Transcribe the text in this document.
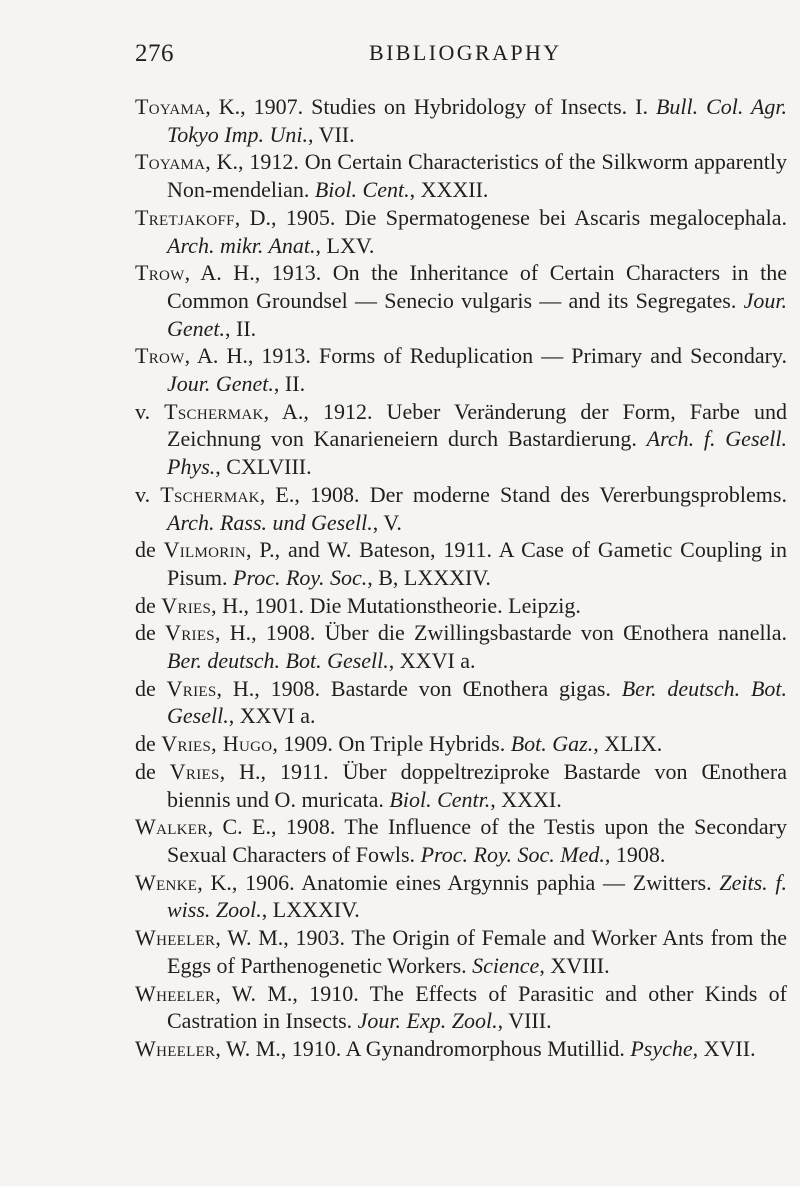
276	BIBLIOGRAPHY

Toyama, K., 1907. Studies on Hybridology of Insects. I. Bull. Col. Agr. Tokyo Imp. Uni., VII.

Toyama, K., 1912. On Certain Characteristics of the Silkworm apparently Non-mendelian. Biol. Cent., XXXII.

Tretjakoff, D., 1905. Die Spermatogenese bei Ascaris megalocephala. Arch. mikr. Anat., LXV.

Trow, A. H., 1913. On the Inheritance of Certain Characters in the Common Groundsel — Senecio vulgaris — and its Segregates. Jour. Genet., II.

Trow, A. H., 1913. Forms of Reduplication — Primary and Secondary. Jour. Genet., II.

v. Tschermak, A., 1912. Ueber Veränderung der Form, Farbe und Zeichnung von Kanarieneiern durch Bastardierung. Arch. f. Gesell. Phys., CXLVIII.

v. Tschermak, E., 1908. Der moderne Stand des Vererbungsproblems. Arch. Rass. und Gesell., V.

de Vilmorin, P., and W. Bateson, 1911. A Case of Gametic Coupling in Pisum. Proc. Roy. Soc., B, LXXXIV.

de Vries, H., 1901. Die Mutationstheorie. Leipzig.

de Vries, H., 1908. Über die Zwillingsbastarde von Œnothera nanella. Ber. deutsch. Bot. Gesell., XXVI a.

de Vries, H., 1908. Bastarde von Œnothera gigas. Ber. deutsch. Bot. Gesell., XXVI a.

de Vries, Hugo, 1909. On Triple Hybrids. Bot. Gaz., XLIX.

de Vries, H., 1911. Über doppeltreziproke Bastarde von Œnothera biennis und O. muricata. Biol. Centr., XXXI.

Walker, C. E., 1908. The Influence of the Testis upon the Secondary Sexual Characters of Fowls. Proc. Roy. Soc. Med., 1908.

Wenke, K., 1906. Anatomie eines Argynnis paphia — Zwitters. Zeits. f. wiss. Zool., LXXXIV.

Wheeler, W. M., 1903. The Origin of Female and Worker Ants from the Eggs of Parthenogenetic Workers. Science, XVIII.

Wheeler, W. M., 1910. The Effects of Parasitic and other Kinds of Castration in Insects. Jour. Exp. Zool., VIII.

Wheeler, W. M., 1910. A Gynandromorphous Mutillid. Psyche, XVII.
